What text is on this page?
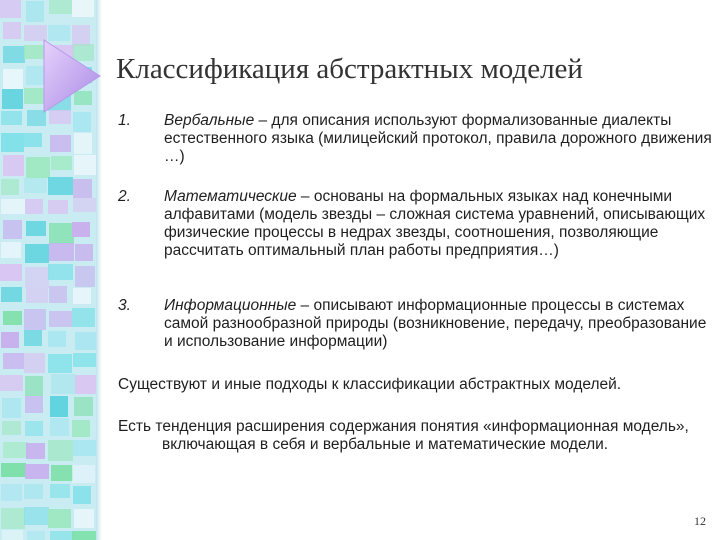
Классификация абстрактных моделей
1. Вербальные – для описания используют формализованные диалекты естественного языка (милицейский протокол, правила дорожного движения …)
2. Математические – основаны на формальных языках над конечными алфавитами (модель звезды – сложная система уравнений, описывающих физические процессы в недрах звезды, соотношения, позволяющие рассчитать оптимальный план работы предприятия…)
3. Информационные – описывают информационные процессы в системах самой разнообразной природы (возникновение, передачу, преобразование и использование информации)
Существуют и иные подходы к классификации абстрактных моделей.
Есть тенденция расширения содержания понятия «информационная модель», включающая в себя и вербальные и математические модели.
12
